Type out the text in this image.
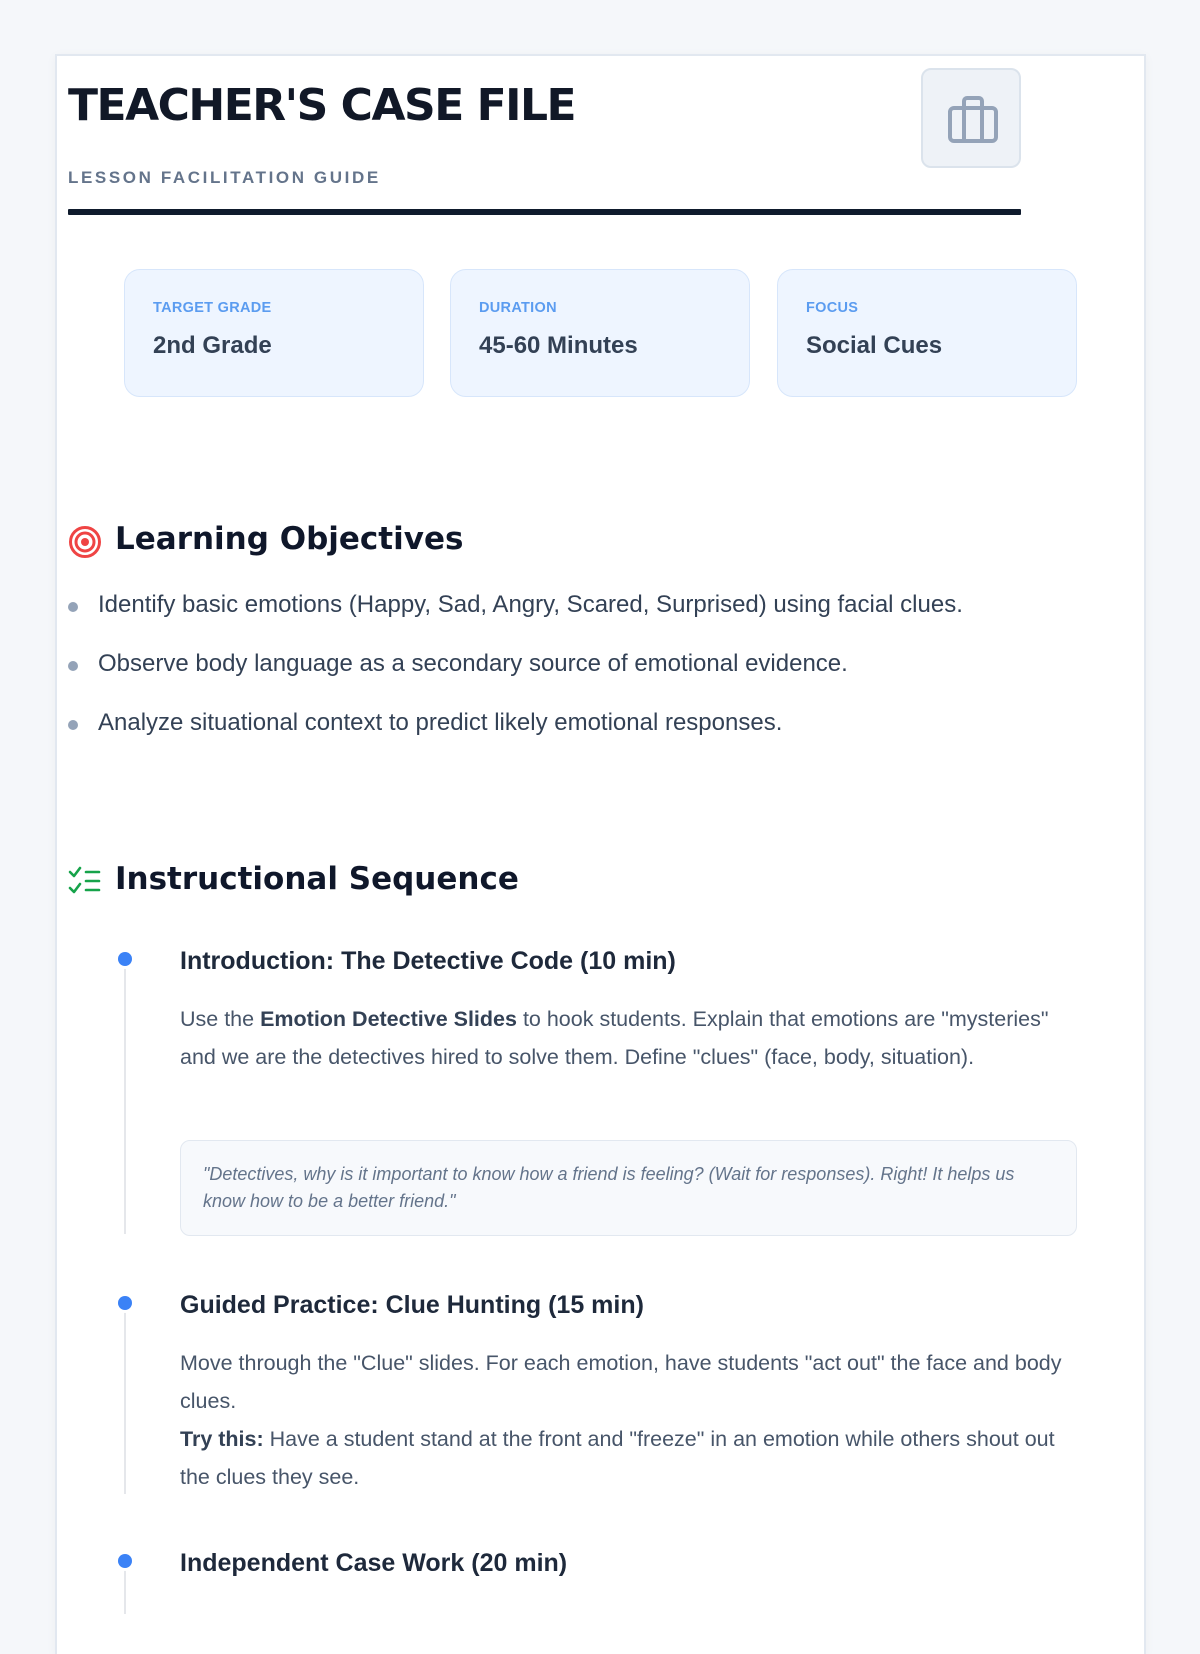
TEACHER'S CASE FILE
LESSON FACILITATION GUIDE
TARGET GRADE
2nd Grade
DURATION
45-60 Minutes
FOCUS
Social Cues
Learning Objectives
Identify basic emotions (Happy, Sad, Angry, Scared, Surprised) using facial clues.
Observe body language as a secondary source of emotional evidence.
Analyze situational context to predict likely emotional responses.
Instructional Sequence
Introduction: The Detective Code (10 min)
Use the Emotion Detective Slides to hook students. Explain that emotions are "mysteries" and we are the detectives hired to solve them. Define "clues" (face, body, situation).
"Detectives, why is it important to know how a friend is feeling? (Wait for responses). Right! It helps us know how to be a better friend."
Guided Practice: Clue Hunting (15 min)
Move through the "Clue" slides. For each emotion, have students "act out" the face and body clues.
Try this: Have a student stand at the front and "freeze" in an emotion while others shout out the clues they see.
Independent Case Work (20 min)
